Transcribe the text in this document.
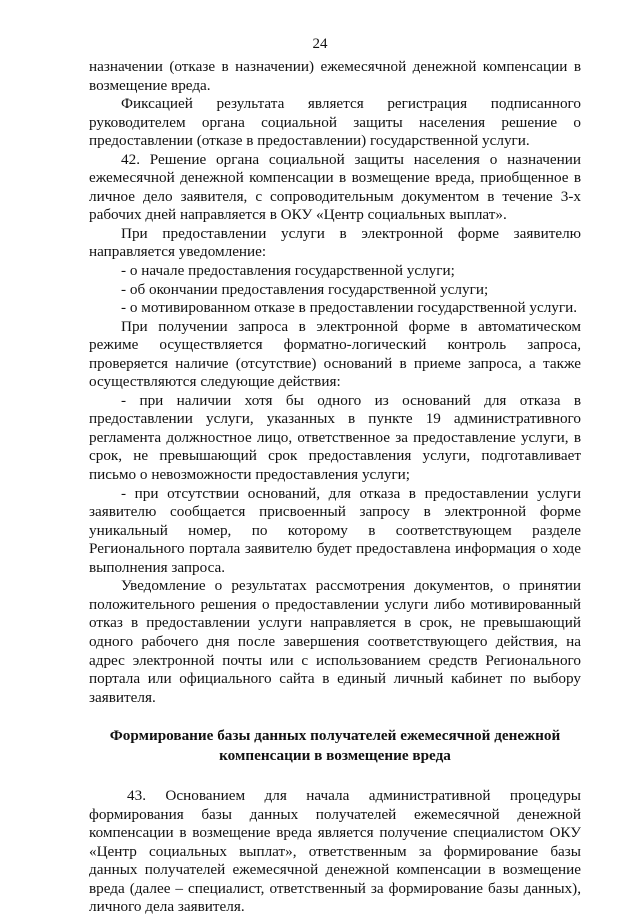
24

назначении (отказе в назначении) ежемесячной денежной компенсации в возмещение вреда.

Фиксацией результата является регистрация подписанного руководителем органа социальной защиты населения решение о предоставлении (отказе в предоставлении) государственной услуги.

42. Решение органа социальной защиты населения о назначении ежемесячной денежной компенсации в возмещение вреда, приобщенное в личное дело заявителя, с сопроводительным документом в течение 3-х рабочих дней направляется в ОКУ «Центр социальных выплат».

При предоставлении услуги в электронной форме заявителю направляется уведомление:

- о начале предоставления государственной услуги;

- об окончании предоставления государственной услуги;

- о мотивированном отказе в предоставлении государственной услуги.

При получении запроса в электронной форме в автоматическом режиме осуществляется форматно-логический контроль запроса, проверяется наличие (отсутствие) оснований в приеме запроса, а также осуществляются следующие действия:

- при наличии хотя бы одного из оснований для отказа в предоставлении услуги, указанных в пункте 19 административного регламента должностное лицо, ответственное за предоставление услуги, в срок, не превышающий срок предоставления услуги, подготавливает письмо о невозможности предоставления услуги;

- при отсутствии оснований, для отказа в предоставлении услуги заявителю сообщается присвоенный запросу в электронной форме уникальный номер, по которому в соответствующем разделе Регионального портала заявителю будет предоставлена информация о ходе выполнения запроса.

Уведомление о результатах рассмотрения документов, о принятии положительного решения о предоставлении услуги либо мотивированный отказ в предоставлении услуги направляется в срок, не превышающий одного рабочего дня после завершения соответствующего действия, на адрес электронной почты или с использованием средств Регионального портала или официального сайта в единый личный кабинет по выбору заявителя.

Формирование базы данных получателей ежемесячной денежной компенсации в возмещение вреда

43. Основанием для начала административной процедуры формирования базы данных получателей ежемесячной денежной компенсации в возмещение вреда является получение специалистом ОКУ «Центр социальных выплат», ответственным за формирование базы данных получателей ежемесячной денежной компенсации в возмещение вреда (далее – специалист, ответственный за формирование базы данных), личного дела заявителя.
